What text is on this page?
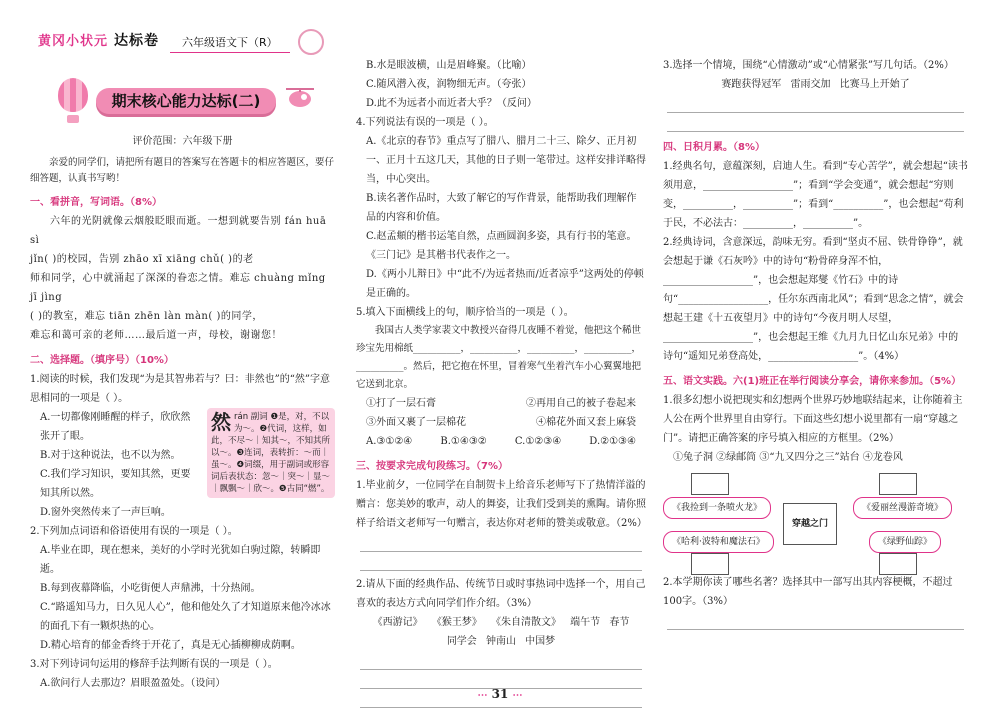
黄冈小状元 达标卷	六年级语文下（R）
期末核心能力达标(二)

评价范围：六年级下册

亲爱的同学们，请把所有题目的答案写在答题卡的相应答题区，要仔细答题，认真书写哟！

一、看拼音，写词语。（8%）

六年的光阴就像云烟般眨眼而逝。一想到就要告别 fán huā sì

jǐn( )的校园，告别 zhāo xī xiāng chǔ( )的老

师和同学，心中就涌起了深深的眷恋之情。难忘 chuàng mǐng jī jìng

( )的教室，难忘 tiān zhēn làn màn( )的同学，

难忘和蔼可亲的老师……最后道一声，母校，谢谢您！

二、选择题。（填序号）（10%）

1.阅读的时候，我们发现“为是其智弗若与？曰：非然也”的“然”字意思相同的一项是（ ）。

然 rán 副词 ❶是，对，不以为～。❷代词，这样，如此，不尽～｜知其～，不知其所以～。❸连词，表转折：～而｜虽～。❹词缀，用于副词或形容词后表状态：忽～｜突～｜显～｜飘飘～｜欣～。❺古同“燃”。

A.一切都像刚睡醒的样子，欣欣然张开了眼。

B.对于这种说法，也不以为然。

C.我们学习知识，要知其然，更要知其所以然。

D.窗外突然传来了一声巨响。

2.下列加点词语和俗语使用有误的一项是（ ）。

A.毕业在即，现在想来，美好的小学时光犹如白驹过隙，转瞬即逝。

B.每到夜幕降临，小吃街便人声鼎沸，十分热闹。

C.“路遥知马力，日久见人心”，他和他处久了才知道原来他冷冰冰的面孔下有一颗炽热的心。

D.精心培育的郁金香终于开花了，真是无心插柳柳成荫啊。

3.对下列诗词句运用的修辞手法判断有误的一项是（ ）。

A.欲问行人去那边？眉眼盈盈处。（设问）

B.水是眼波横，山是眉峰聚。（比喻）

C.随风潜入夜，润物细无声。（夸张）

D.此不为远者小而近者大乎？（反问）

4.下列说法有误的一项是（ ）。

A.《北京的春节》重点写了腊八、腊月二十三、除夕、正月初一、正月十五这几天，其他的日子则一笔带过。这样安排详略得当，中心突出。

B.读名著作品时，大致了解它的写作背景，能帮助我们理解作品的内容和价值。

C.赵孟頫的楷书运笔自然，点画圆润多姿，具有行书的笔意。《三门记》是其楷书代表作之一。

D.《两小儿辩日》中“此不/为远者热而/近者凉乎”这两处的停顿是正确的。

5.填入下面横线上的句，顺序恰当的一项是（ ）。

我国古人类学家裴文中教授兴奋得几夜睡不着觉，他把这个稀世珍宝先用棉纸__________，__________，__________，__________，__________。然后，把它抱在怀里，冒着寒气坐着汽车小心翼翼地把它送到北京。

①打了一层石膏	②再用自己的被子卷起来
③外面又裹了一层棉花	④棉花外面又套上麻袋
A.③①②④	B.①④③②	C.①②③④	D.②①③④

三、按要求完成句段练习。（7%）

1.毕业前夕，一位同学在自制贺卡上给音乐老师写下了热情洋溢的赠言：您美妙的歌声，动人的舞姿，让我们受到美的熏陶。请你照样子给语文老师写一句赠言，表达你对老师的赞美或敬意。（2%）

2.请从下面的经典作品、传统节日或时事热词中选择一个，用自己喜欢的表达方式向同学们作介绍。（3%）

《西游记》 《猴王梦》 《朱自清散文》 端午节 春节

同学会 钟南山 中国梦

3.选择一个情境，围绕“心情激动”或“心情紧张”写几句话。（2%）

赛跑获得冠军 雷雨交加 比赛马上开始了

四、日积月累。（8%）

1.经典名句，意蕴深刻，启迪人生。看到“专心苦学”，就会想起“读书须用意，__________________”；看到“学会变通”，就会想起“穷则变，__________，__________”；看到“__________”，也会想起“苟利于民，不必法古：__________，__________”。

2.经典诗词，含意深远，韵味无穷。看到“坚贞不屈、铁骨铮铮”，就会想起于谦《石灰吟》中的诗句“粉骨碎身浑不怕，__________________”，也会想起郑燮《竹石》中的诗句“__________________，任尔东西南北风”；看到“思念之情”，就会想起王建《十五夜望月》中的诗句“今夜月明人尽望，__________________”，也会想起王维《九月九日忆山东兄弟》中的诗句“遥知兄弟登高处，__________________”。（4%）

五、语文实践。六(1)班正在举行阅读分享会，请你来参加。（5%）

1.很多幻想小说把现实和幻想两个世界巧妙地联结起来，让你随着主人公在两个世界里自由穿行。下面这些幻想小说里都有一扇“穿越之门”。请把正确答案的序号填入相应的方框里。（2%）

①兔子洞 ②绿邮筒 ③“九又四分之三”站台 ④龙卷风

《我捡到一条喷火龙》	《爱丽丝漫游奇境》
穿越之门
《哈利·波特和魔法石》	《绿野仙踪》

2.本学期你读了哪些名著？选择其中一部写出其内容梗概，不超过100字。（3%）

⋯ 31 ⋯
